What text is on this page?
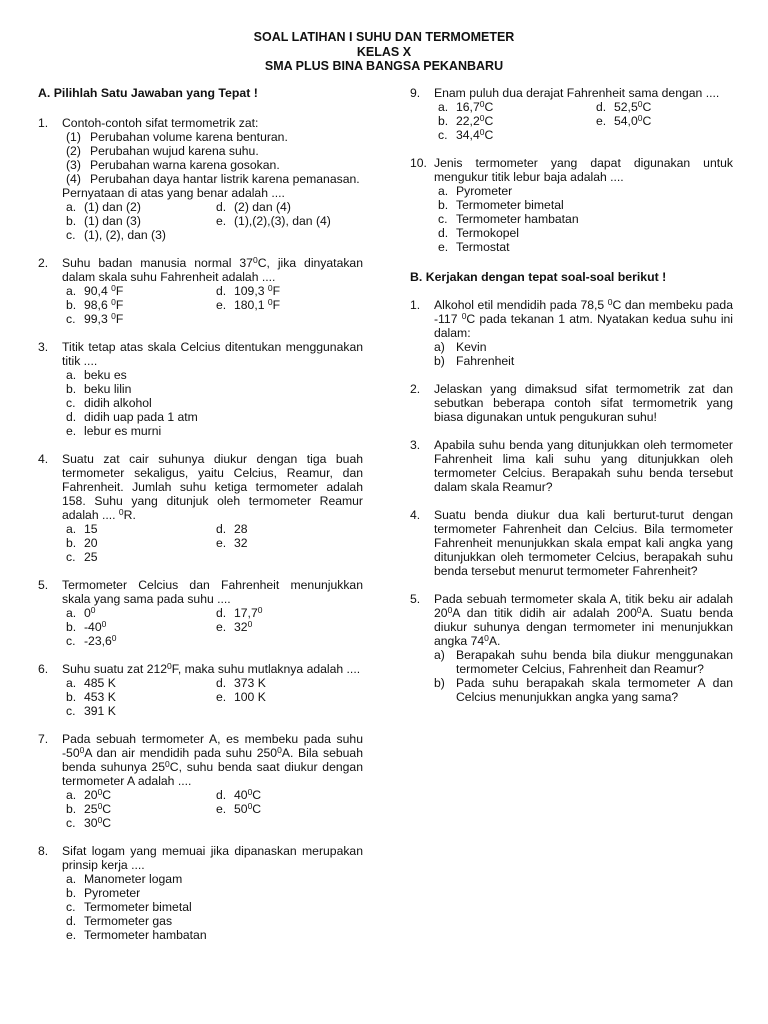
SOAL LATIHAN I SUHU DAN TERMOMETER
KELAS X
SMA PLUS BINA BANGSA PEKANBARU
A. Pilihlah Satu Jawaban yang Tepat !
1. Contoh-contoh sifat termometrik zat:
(1) Perubahan volume karena benturan.
(2) Perubahan wujud karena suhu.
(3) Perubahan warna karena gosokan.
(4) Perubahan daya hantar listrik karena pemanasan.
Pernyataan di atas yang benar adalah ....
a. (1) dan (2)	d. (2) dan (4)
b. (1) dan (3)	e. (1),(2),(3), dan (4)
c. (1), (2), dan (3)
2. Suhu badan manusia normal $37^0C$, jika dinyatakan dalam skala suhu Fahrenheit adalah ....
a. 90,4 $^0$F	d. 109,3 $^0$F
b. 98,6 $^0$F	e. 180,1 $^0$F
c. 99,3 $^0$F
3. Titik tetap atas skala Celcius ditentukan menggunakan titik ....
a. beku es
b. beku lilin
c. didih alkohol
d. didih uap pada 1 atm
e. lebur es murni
4. Suatu zat cair suhunya diukur dengan tiga buah termometer sekaligus, yaitu Celcius, Reamur, dan Fahrenheit. Jumlah suhu ketiga termometer adalah 158. Suhu yang ditunjuk oleh termometer Reamur adalah .... $^0$R.
a. 15	d. 28
b. 20	e. 32
c. 25
5. Termometer Celcius dan Fahrenheit menunjukkan skala yang sama pada suhu ....
a. $0^0$	d. 17,7$^0$
b. $-40^0$	e. $32^0$
c. -23,6$^0$
6. Suhu suatu zat $212^0F$, maka suhu mutlaknya adalah ....
a. 485 K	d. 373 K
b. 453 K	e. 100 K
c. 391 K
7. Pada sebuah termometer A, es membeku pada suhu $-50^0A$ dan air mendidih pada suhu $250^0A$. Bila sebuah benda suhunya $25^0C$, suhu benda saat diukur dengan termometer A adalah ....
a. $20^0C$	d. $40^0C$
b. $25^0C$	e. $50^0C$
c. $30^0C$
8. Sifat logam yang memuai jika dipanaskan merupakan prinsip kerja ....
a. Manometer logam
b. Pyrometer
c. Termometer bimetal
d. Termometer gas
e. Termometer hambatan
9. Enam puluh dua derajat Fahrenheit sama dengan ....
a. 16,7$^0$C	d. 52,5$^0$C
b. 22,2$^0$C	e. 54,0$^0$C
c. 34,4$^0$C
10. Jenis termometer yang dapat digunakan untuk mengukur titik lebur baja adalah ....
a. Pyrometer
b. Termometer bimetal
c. Termometer hambatan
d. Termokopel
e. Termostat
B. Kerjakan dengan tepat soal-soal berikut !
1. Alkohol etil mendidih pada 78,5 $^0$C dan membeku pada -117 $^0$C pada tekanan 1 atm. Nyatakan kedua suhu ini dalam:
a) Kevin
b) Fahrenheit
2. Jelaskan yang dimaksud sifat termometrik zat dan sebutkan beberapa contoh sifat termometrik yang biasa digunakan untuk pengukuran suhu!
3. Apabila suhu benda yang ditunjukkan oleh termometer Fahrenheit lima kali suhu yang ditunjukkan oleh termometer Celcius. Berapakah suhu benda tersebut dalam skala Reamur?
4. Suatu benda diukur dua kali berturut-turut dengan termometer Fahrenheit dan Celcius. Bila termometer Fahrenheit menunjukkan skala empat kali angka yang ditunjukkan oleh termometer Celcius, berapakah suhu benda tersebut menurut termometer Fahrenheit?
5. Pada sebuah termometer skala A, titik beku air adalah $20^0A$ dan titik didih air adalah $200^0A$. Suatu benda diukur suhunya dengan termometer ini menunjukkan angka $74^0A$.
a) Berapakah suhu benda bila diukur menggunakan termometer Celcius, Fahrenheit dan Reamur?
b) Pada suhu berapakah skala termometer A dan Celcius menunjukkan angka yang sama?
